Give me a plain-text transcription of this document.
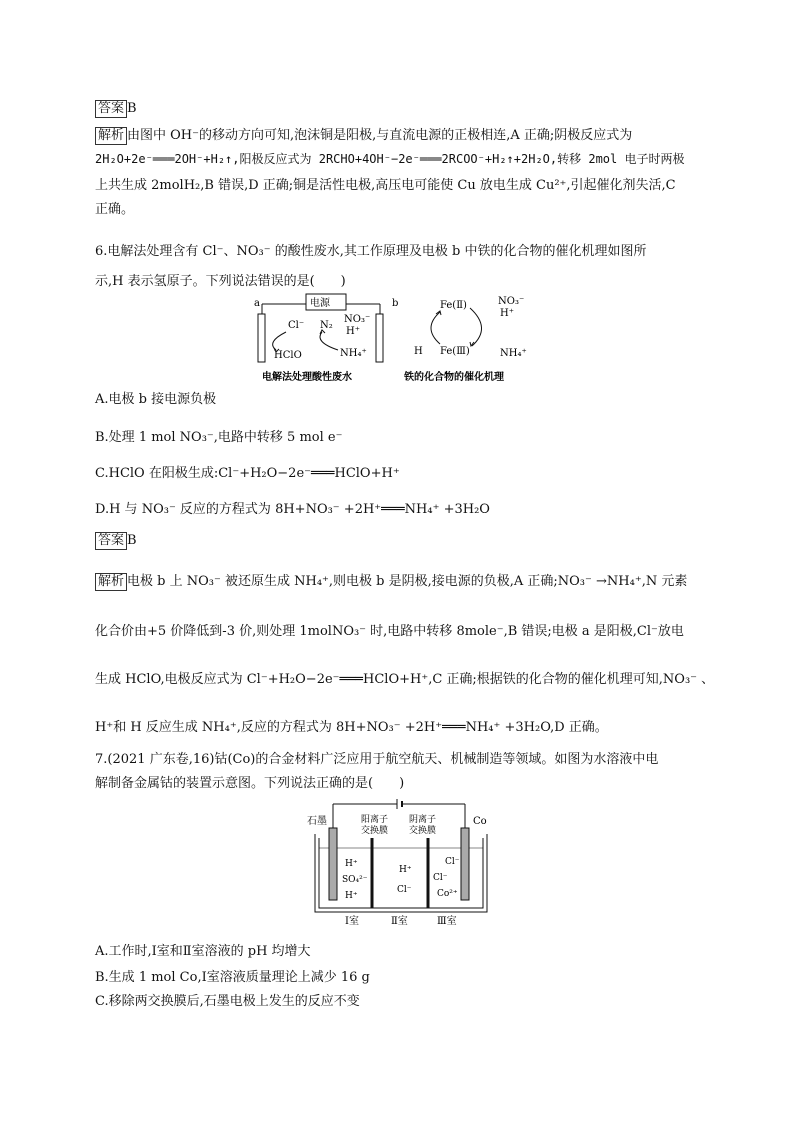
答案 B
解析 由图中 OH⁻的移动方向可知,泡沫铜是阳极,与直流电源的正极相连,A 正确;阴极反应式为
2H₂O+2e⁻═══2OH⁻+H₂↑,阳极反应式为 2RCHO+4OH⁻−2e⁻═══2RCOO⁻+H₂↑+2H₂O,转移 2mol 电子时两极
上共生成 2molH₂,B 错误,D 正确;铜是活性电极,高压电可能使 Cu 放电生成 Cu²⁺,引起催化剂失活,C
正确。
6.电解法处理含有 Cl⁻、NO₃⁻ 的酸性废水,其工作原理及电极 b 中铁的化合物的催化机理如图所
示,H 表示氢原子。下列说法错误的是(　　)
a	b
电源
Cl⁻ N₂
NO₃⁻
H⁺
HClO	NH₄⁺
电解法处理酸性废水
Fe(Ⅱ)
Fe(Ⅲ)
H
NO₃⁻
H⁺
NH₄⁺
铁的化合物的催化机理
A.电极 b 接电源负极
B.处理 1 mol NO₃⁻,电路中转移 5 mol e⁻
C.HClO 在阳极生成:Cl⁻+H₂O−2e⁻═══HClO+H⁺
D.H 与 NO₃⁻ 反应的方程式为 8H+NO₃⁻ +2H⁺═══NH₄⁺ +3H₂O
答案 B
解析 电极 b 上 NO₃⁻ 被还原生成 NH₄⁺,则电极 b 是阴极,接电源的负极,A 正确;NO₃⁻ →NH₄⁺,N 元素
化合价由+5 价降低到-3 价,则处理 1molNO₃⁻ 时,电路中转移 8mole⁻,B 错误;电极 a 是阳极,Cl⁻放电
生成 HClO,电极反应式为 Cl⁻+H₂O−2e⁻═══HClO+H⁺,C 正确;根据铁的化合物的催化机理可知,NO₃⁻ 、
H⁺和 H 反应生成 NH₄⁺,反应的方程式为 8H+NO₃⁻ +2H⁺═══NH₄⁺ +3H₂O,D 正确。
7.(2021 广东卷,16)钴(Co)的合金材料广泛应用于航空航天、机械制造等领域。如图为水溶液中电
解制备金属钴的装置示意图。下列说法正确的是(　　)
石墨	Co
阳离子
交换膜
阴离子
交换膜
H⁺
SO₄²⁻
H⁺
H⁺
Cl⁻
Cl⁻
Cl⁻
Co²⁺
Ⅰ室	Ⅱ室	Ⅲ室
A.工作时,Ⅰ室和Ⅱ室溶液的 pH 均增大
B.生成 1 mol Co,Ⅰ室溶液质量理论上减少 16 g
C.移除两交换膜后,石墨电极上发生的反应不变
